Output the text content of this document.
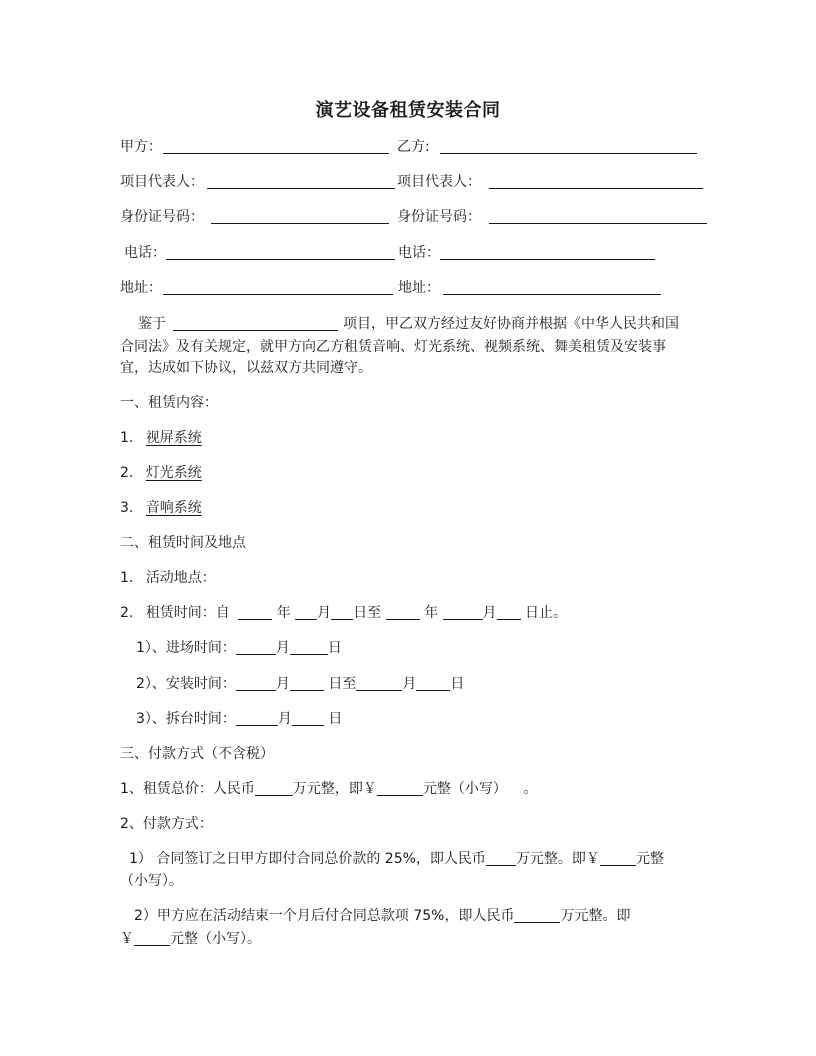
演艺设备租赁安装合同
甲方：	乙方:
项目代表人：	项目代表人：
身份证号码：	身份证号码：
电话：	电话：
地址：	地址：
鉴于	项目，甲乙双方经过友好协商并根据《中华人民共和国
合同法》及有关规定，就甲方向乙方租赁音响、灯光系统、视频系统、舞美租赁及安装事
宜，达成如下协议，以兹双方共同遵守。
一、租赁内容：
1. 视屏系统
2. 灯光系统
3. 音响系统
二、租赁时间及地点
1. 活动地点：
2. 租赁时间：自	年 月 日至	年	月 日止。
1）、进场时间：	月	日
2）、安装时间：	月	日至	月 日
3）、拆台时间：	月	日
三、付款方式（不含税）
1、租赁总价：人民币	万元整，即￥	元整（小写） 。
2、付款方式：
1） 合同签订之日甲方即付合同总价款的 25%，即人民币 万元整。即￥	元整
（小写）。
2）甲方应在活动结束一个月后付合同总款项 75%，即人民币	万元整。即
￥	元整（小写）。
